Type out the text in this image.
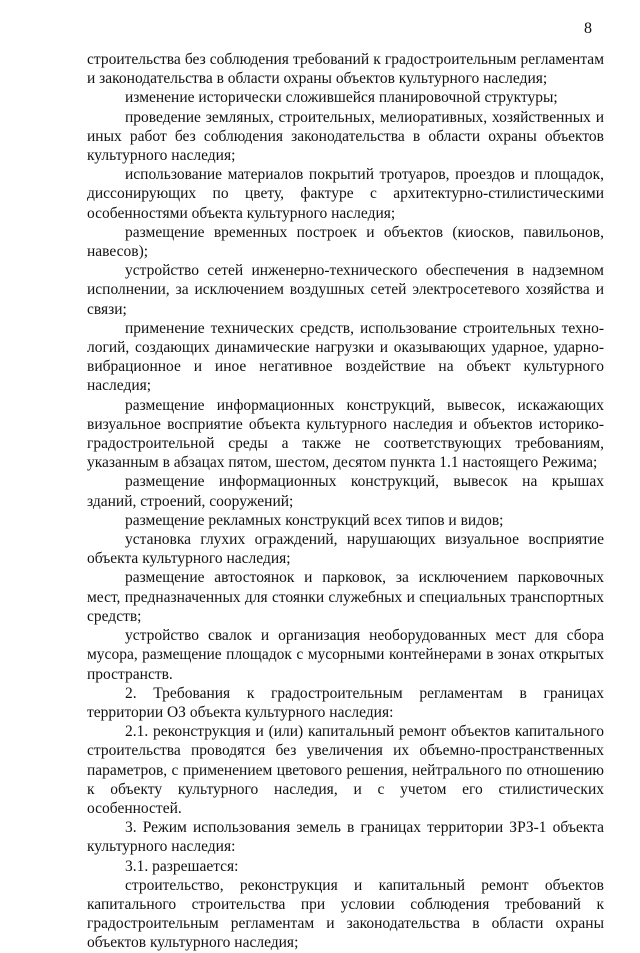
8

строительства без соблюдения требований к градостроительным регламентам и законодательства в области охраны объектов культурного наследия;

изменение исторически сложившейся планировочной структуры;

проведение земляных, строительных, мелиоративных, хозяйственных и иных работ без соблюдения законодательства в области охраны объектов культурного наследия;

использование материалов покрытий тротуаров, проездов и площадок, диссонирующих по цвету, фактуре с архитектурно-стилистическими особенностями объекта культурного наследия;

размещение временных построек и объектов (киосков, павильонов, навесов);

устройство сетей инженерно-технического обеспечения в надземном исполнении, за исключением воздушных сетей электросетевого хозяйства и связи;

применение технических средств, использование строительных технологий, создающих динамические нагрузки и оказывающих ударное, ударно-вибрационное и иное негативное воздействие на объект культурного наследия;

размещение информационных конструкций, вывесок, искажающих визуальное восприятие объекта культурного наследия и объектов историко-градостроительной среды а также не соответствующих требованиям, указанным в абзацах пятом, шестом, десятом пункта 1.1 настоящего Режима;

размещение информационных конструкций, вывесок на крышах зданий, строений, сооружений;

размещение рекламных конструкций всех типов и видов;

установка глухих ограждений, нарушающих визуальное восприятие объекта культурного наследия;

размещение автостоянок и парковок, за исключением парковочных мест, предназначенных для стоянки служебных и специальных транспортных средств;

устройство свалок и организация необорудованных мест для сбора мусора, размещение площадок с мусорными контейнерами в зонах открытых пространств.

2. Требования к градостроительным регламентам в границах территории ОЗ объекта культурного наследия:

2.1. реконструкция и (или) капитальный ремонт объектов капитального строительства проводятся без увеличения их объемно-пространственных параметров, с применением цветового решения, нейтрального по отношению к объекту культурного наследия, и с учетом его стилистических особенностей.

3. Режим использования земель в границах территории ЗРЗ-1 объекта культурного наследия:

3.1. разрешается:

строительство, реконструкция и капитальный ремонт объектов капитального строительства при условии соблюдения требований к градостроительным регламентам и законодательства в области охраны объектов культурного наследия;
